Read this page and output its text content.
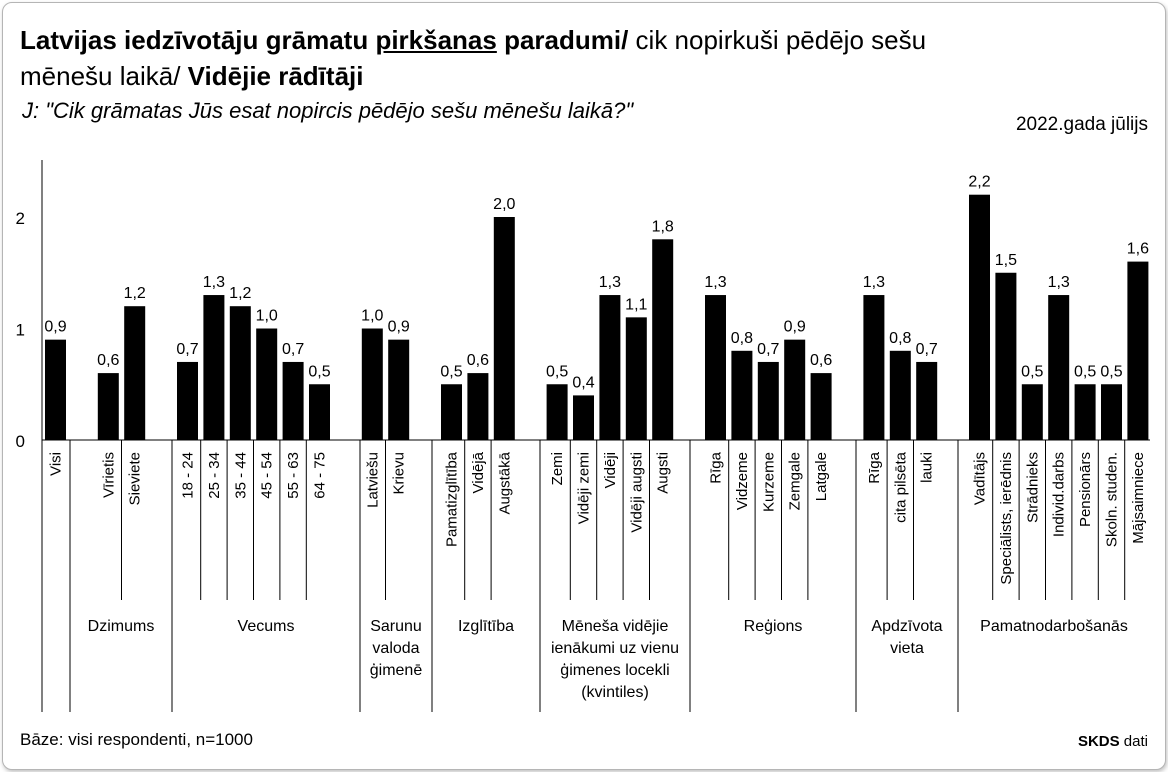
Latvijas iedzīvotāju grāmatu pirkšanas paradumi/ cik nopirkuši pēdējo sešu
mēnešu laikā/ Vidējie rādītāji
J: "Cik grāmatas Jūs esat nopircis pēdējo sešu mēnešu laikā?"
2022.gada jūlijs
0
1
2
0,9
Visi
0,6
Vīrietis
1,2
Sieviete
0,7
18 - 24
1,3
25 - 34
1,2
35 - 44
1,0
45 - 54
0,7
55 - 63
0,5
64 - 75
1,0
Latviešu
0,9
Krievu
0,5
Pamatizglītība
0,6
Vidējā
2,0
Augstākā
0,5
Zemi
0,4
Vidēji zemi
1,3
Vidēji
1,1
Vidēji augsti
1,8
Augsti
1,3
Rīga
0,8
Vidzeme
0,7
Kurzeme
0,9
Zemgale
0,6
Latgale
1,3
Rīga
0,8
cita pilsēta
0,7
lauki
2,2
Vadītājs
1,5
Speciālists, ierēdnis
0,5
Strādnieks
1,3
Individ.darbs
0,5
Pensionārs
0,5
Skoln. studen.
1,6
Mājsaimniece
Dzimums	Vecums	Sarunu
valoda
ģimenē
Izglītība	Mēneša vidējie
ienākumi uz vienu
ģimenes locekli
(kvintiles)
Reģions	Apdzīvota
vieta
Pamatnodarbošanās
Bāze: visi respondenti, n=1000	SKDS dati
